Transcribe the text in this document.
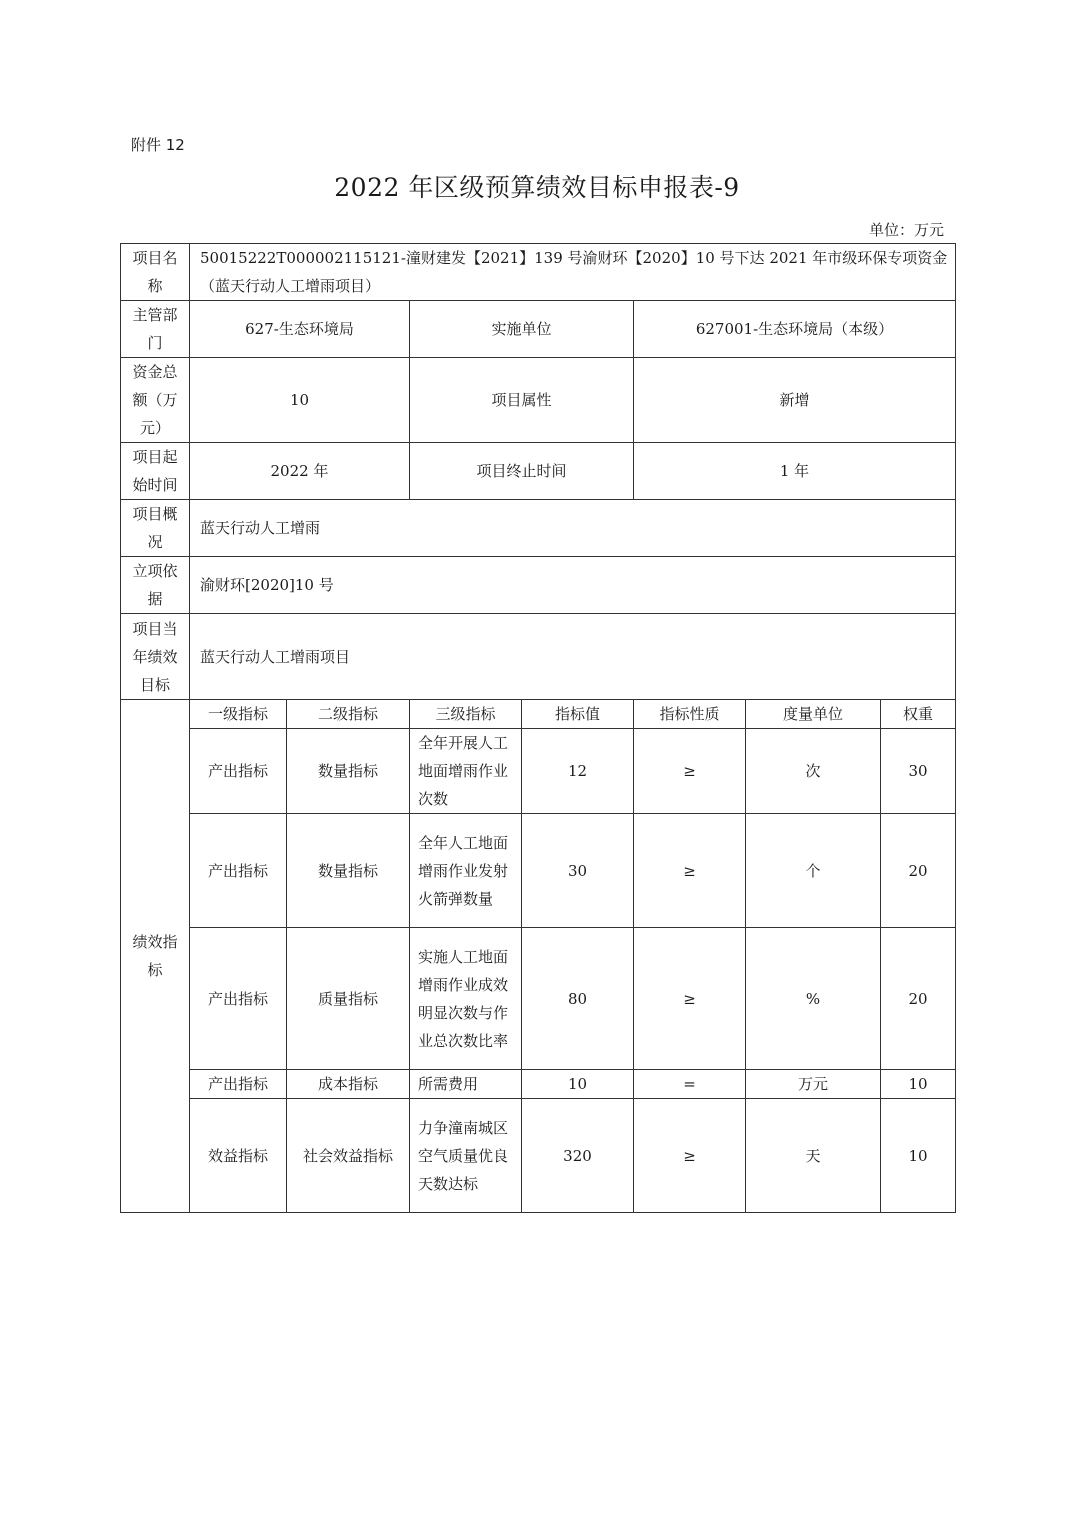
附件 12
2022 年区级预算绩效目标申报表-9
单位：万元
项目名称	50015222T000002115121-潼财建发【2021】139 号渝财环【2020】10 号下达 2021 年市级环保专项资金（蓝天行动人工增雨项目）						
主管部门	627-生态环境局		实施单位		627001-生态环境局（本级）		
资金总额（万元）	10		项目属性		新增		
项目起始时间	2022 年		项目终止时间		1 年		
项目概况	蓝天行动人工增雨						
立项依据	渝财环[2020]10 号						
项目当年绩效目标	蓝天行动人工增雨项目						
绩效指标	一级指标	二级指标	三级指标	指标值	指标性质	度量单位	权重
	产出指标	数量指标	全年开展人工地面增雨作业次数	12	≥	次	30
	产出指标	数量指标	全年人工地面增雨作业发射火箭弹数量	30	≥	个	20
	产出指标	质量指标	实施人工地面增雨作业成效明显次数与作业总次数比率	80	≥	%	20
	产出指标	成本指标	所需费用	10	=	万元	10
	效益指标	社会效益指标	力争潼南城区空气质量优良天数达标	320	≥	天	10
